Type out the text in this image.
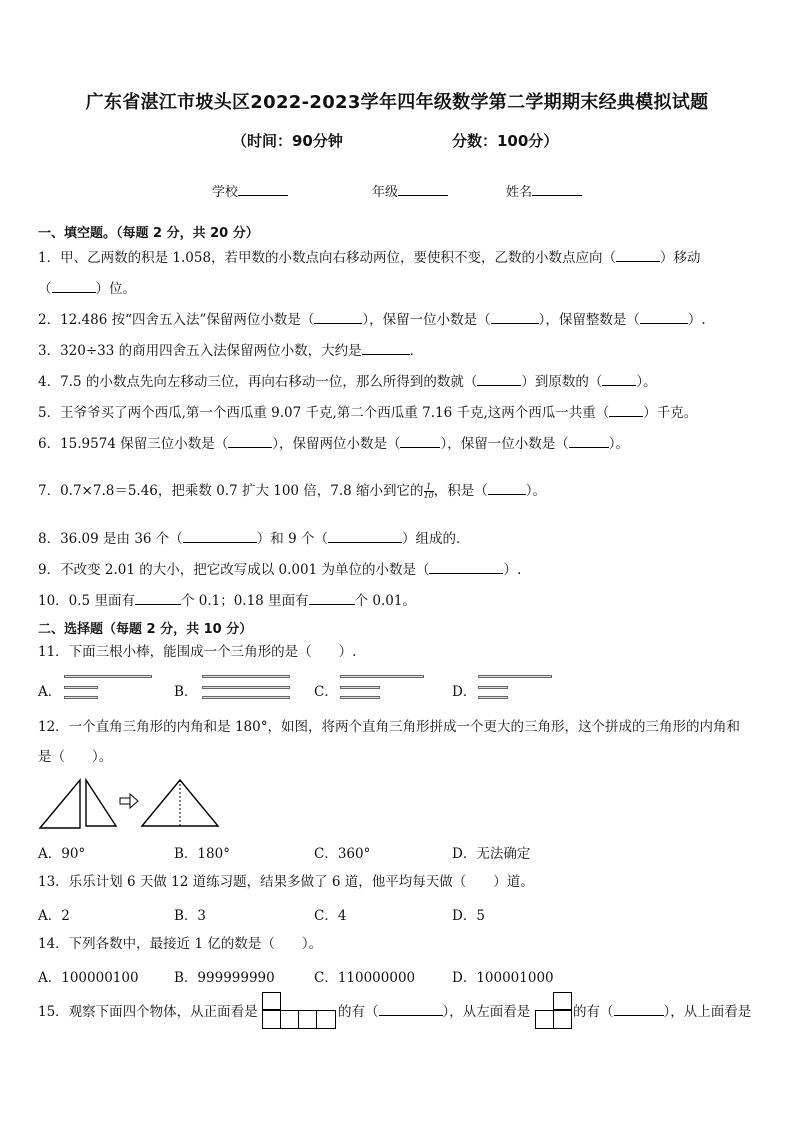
广东省湛江市坡头区2022-2023学年四年级数学第二学期期末经典模拟试题
（时间：90分钟	分数：100分）
学校	年级	姓名
一、填空题。（每题 2 分，共 20 分）
1．甲、乙两数的积是 1.058，若甲数的小数点向右移动两位，要使积不变，乙数的小数点应向（	）移动
（	）位。
2．12.486 按“四舍五入法”保留两位小数是（	），保留一位小数是（	），保留整数是（	）.
3．320÷33 的商用四舍五入法保留两位小数，大约是	．
4．7.5 的小数点先向左移动三位，再向右移动一位，那么所得到的数就（	）到原数的（	）。
5．王爷爷买了两个西瓜,第一个西瓜重 9.07 千克,第二个西瓜重 7.16 千克,这两个西瓜一共重（	）千克。
6．15.9574 保留三位小数是（	），保留两位小数是（	），保留一位小数是（	）。
7．0.7×7.8＝5.46，把乘数 0.7 扩大 100 倍，7.8 缩小到它的 $\frac{1}{10}$ ，积是（	）。
8．36.09 是由 36 个（	）和 9 个（	）组成的．
9．不改变 2.01 的大小，把它改写成以 0.001 为单位的小数是（	）.
10．0.5 里面有	个 0.1；0.18 里面有	个 0.01。
二、选择题（每题 2 分，共 10 分）
11．下面三根小棒，能围成一个三角形的是（　　）.
A．	B．	C．	D．
12．一个直角三角形的内角和是 180°，如图，将两个直角三角形拼成一个更大的三角形，这个拼成的三角形的内角和
是（　　）。
A．90°	B．180°	C．360°	D．无法确定
13．乐乐计划 6 天做 12 道练习题，结果多做了 6 道，他平均每天做（　　）道。
A．2	B．3	C．4	D．5
14．下列各数中，最接近 1 亿的数是（　　）。
A．100000100	B．999999990	C．110000000	D．100001000
15．观察下面四个物体，从正面看是	的有（	），从左面看是	的有（	），从上面看是
